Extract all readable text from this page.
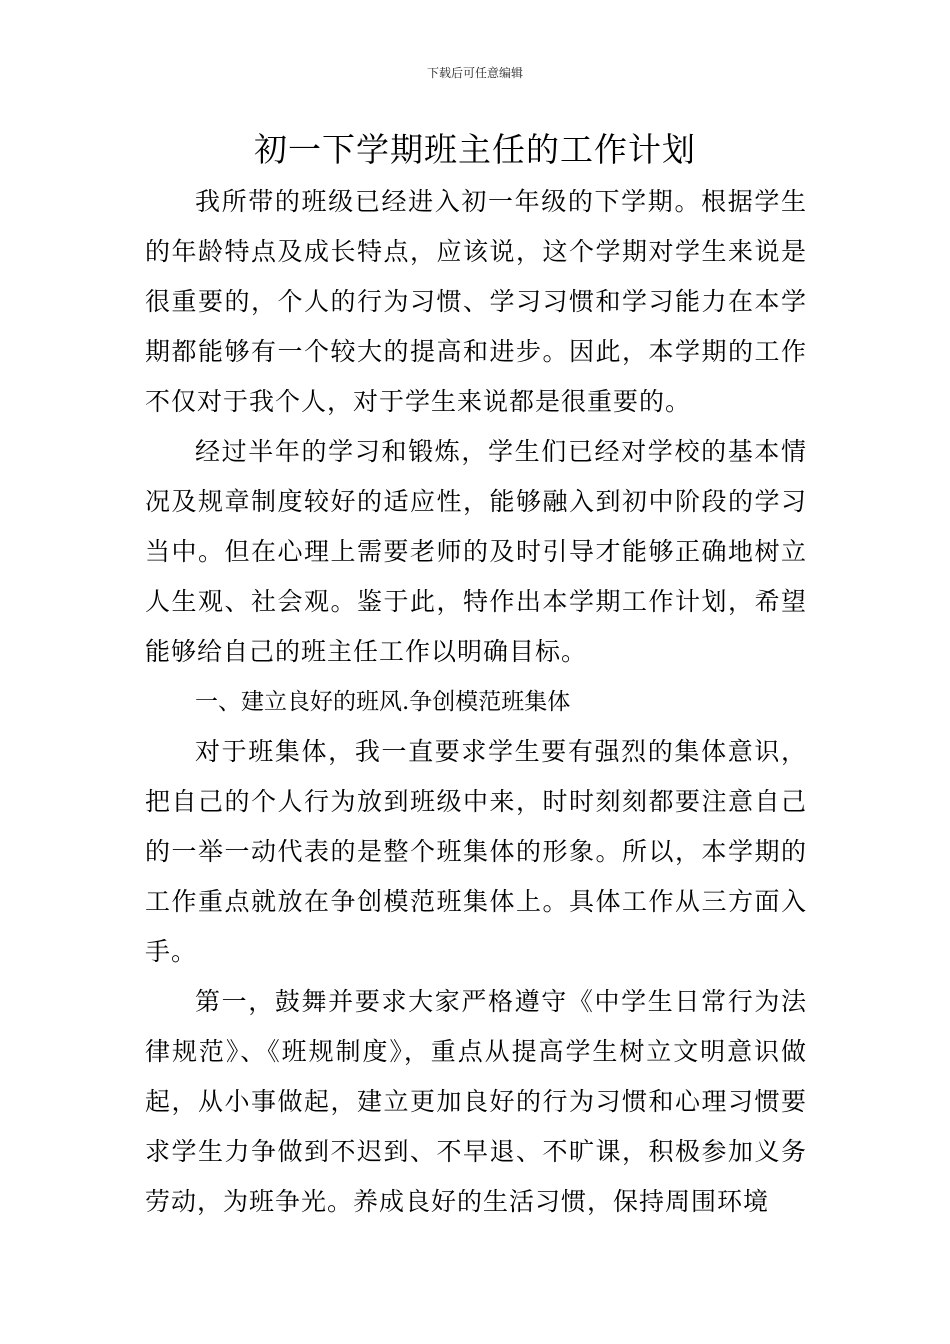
下载后可任意编辑
初一下学期班主任的工作计划

我所带的班级已经进入初一年级的下学期。根据学生的年龄特点及成长特点，应该说，这个学期对学生来说是很重要的，个人的行为习惯、学习习惯和学习能力在本学期都能够有一个较大的提高和进步。因此，本学期的工作不仅对于我个人，对于学生来说都是很重要的。

经过半年的学习和锻炼，学生们已经对学校的基本情况及规章制度较好的适应性，能够融入到初中阶段的学习当中。但在心理上需要老师的及时引导才能够正确地树立人生观、社会观。鉴于此，特作出本学期工作计划，希望能够给自己的班主任工作以明确目标。

一、建立良好的班风.争创模范班集体

对于班集体，我一直要求学生要有强烈的集体意识，把自己的个人行为放到班级中来，时时刻刻都要注意自己的一举一动代表的是整个班集体的形象。所以，本学期的工作重点就放在争创模范班集体上。具体工作从三方面入手。

第一，鼓舞并要求大家严格遵守《中学生日常行为法律规范》、《班规制度》，重点从提高学生树立文明意识做起，从小事做起，建立更加良好的行为习惯和心理习惯要求学生力争做到不迟到、不早退、不旷课，积极参加义务劳动，为班争光。养成良好的生活习惯，保持周围环境
